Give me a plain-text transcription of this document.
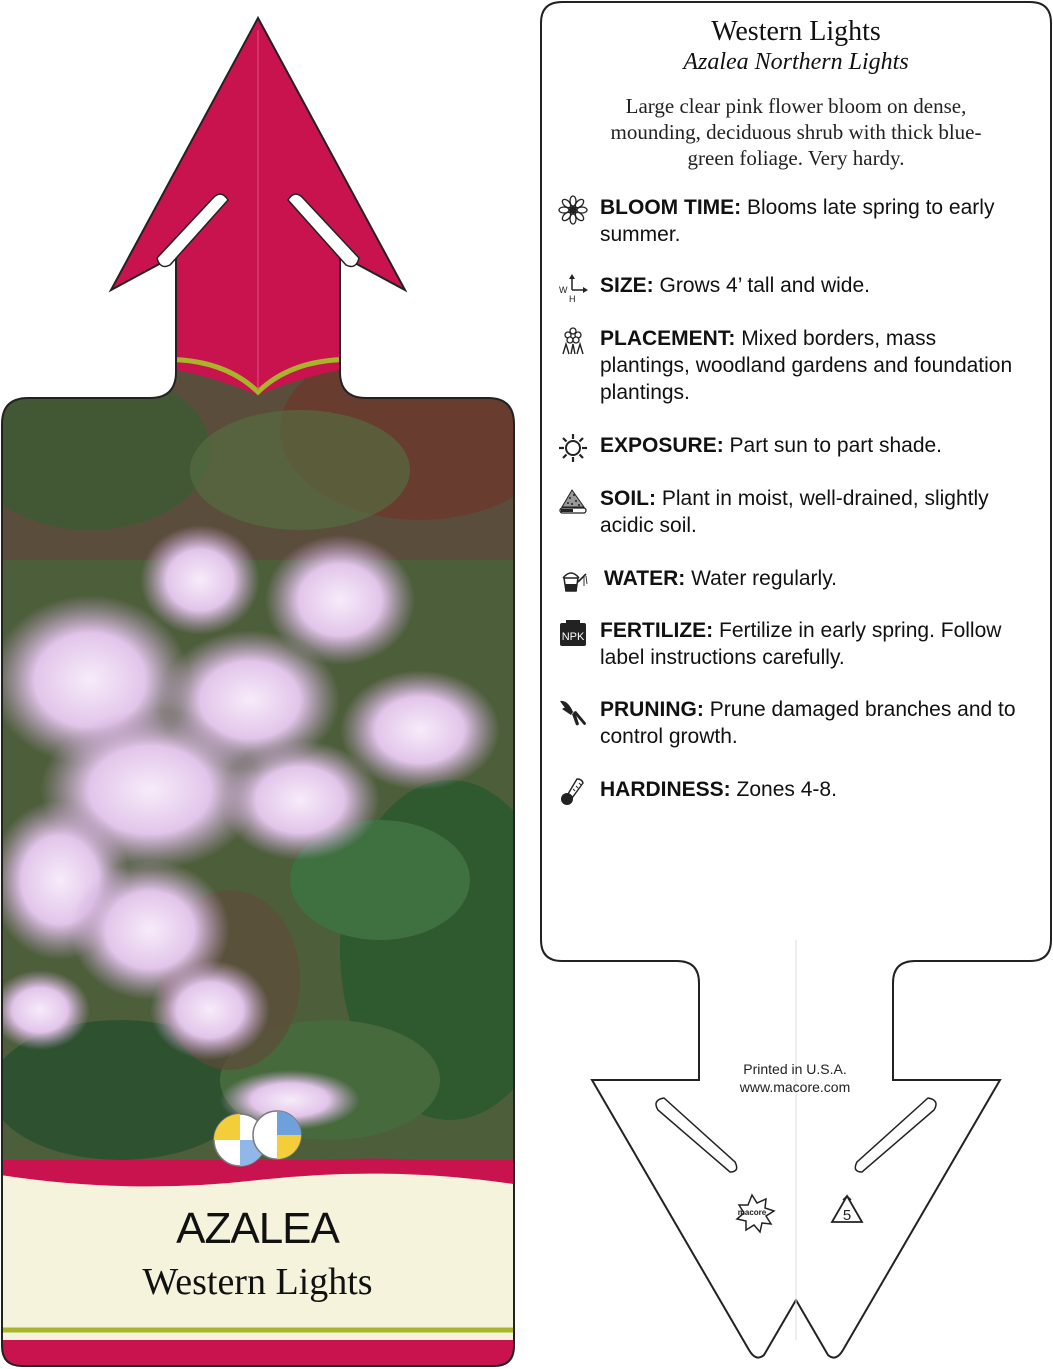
macore	5
AZALEA
Western Lights
Western Lights
Azalea Northern Lights
Large clear pink flower bloom on dense, mounding, deciduous shrub with thick blue-green foliage. Very hardy.
BLOOM TIME: Blooms late spring to early summer.
W
H
SIZE: Grows 4’ tall and wide.
PLACEMENT: Mixed borders, mass plantings, woodland gardens and foundation plantings.
EXPOSURE: Part sun to part shade.
SOIL: Plant in moist, well-drained, slightly acidic soil.
WATER: Water regularly.
NPK FERTILIZE: Fertilize in early spring. Follow label instructions carefully.
PRUNING: Prune damaged branches and to control growth.
HARDINESS: Zones 4-8.
Printed in U.S.A.
www.macore.com
